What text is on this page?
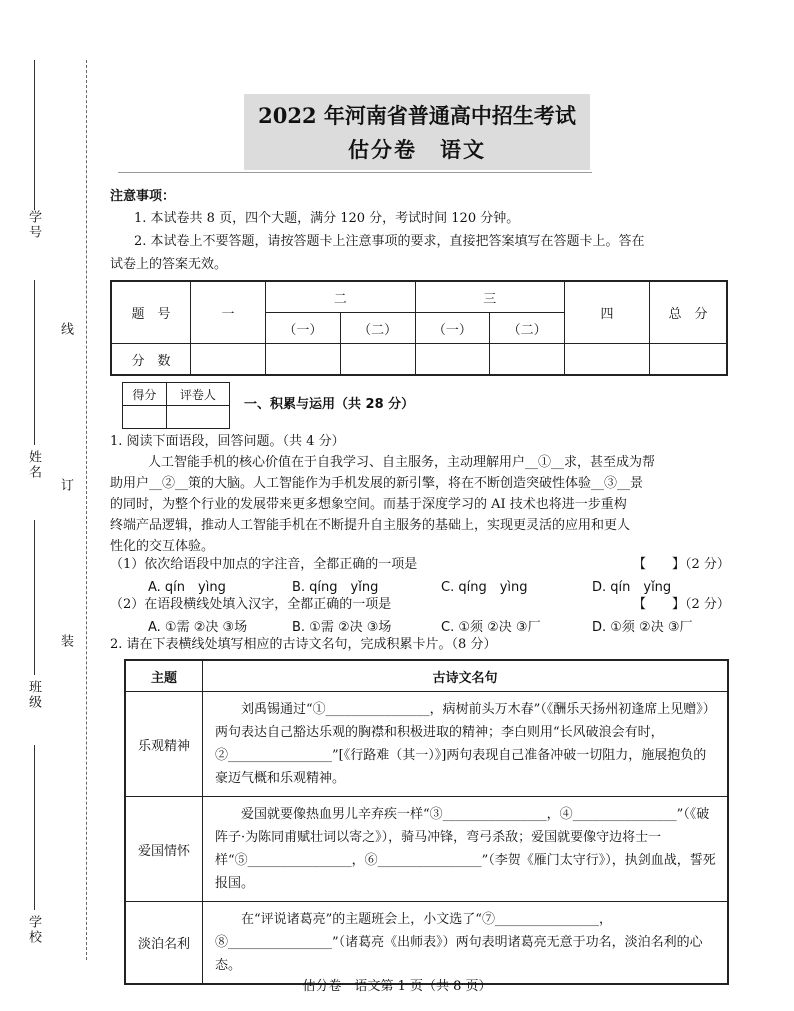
学号
姓名
班级
学校
线
订
装
2022 年河南省普通高中招生考试
估分卷　语文
注意事项：
1. 本试卷共 8 页，四个大题，满分 120 分，考试时间 120 分钟。
2. 本试卷上不要答题，请按答题卡上注意事项的要求，直接把答案填写在答题卡上。答在
试卷上的答案无效。
题　号	一	二		三		四	总　分
		（一）	（二）	（一）	（二）		
分　数							
得分	评卷人

一、积累与运用（共 28 分）
1. 阅读下面语段，回答问题。（共 4 分）
人工智能手机的核心价值在于自我学习、自主服务，主动理解用户__①__求，甚至成为帮
助用户__②__策的大脑。人工智能作为手机发展的新引擎，将在不断创造突破性体验__③__景
的同时，为整个行业的发展带来更多想象空间。而基于深度学习的 AI 技术也将进一步重构
终端产品逻辑，推动人工智能手机在不断提升自主服务的基础上，实现更灵活的应用和更人
性化的交互体验。
（1）依次给语段中加点的字注音，全都正确的一项是	【　　】（2 分）
A. qín　yìng	B. qíng　yǐng	C. qíng　yìng	D. qín　yǐng
（2）在语段横线处填入汉字，全都正确的一项是	【　　】（2 分）
A. ①需 ②决 ③场	B. ①需 ②决 ③场	C. ①须 ②决 ③厂	D. ①须 ②决 ③厂
2. 请在下表横线处填写相应的古诗文名句，完成积累卡片。（8 分）
主题	古诗文名句
乐观精神	刘禹锡通过“①________________，病树前头万木春”（《酬乐天扬州初逢席上见赠》）两句表达自己豁达乐观的胸襟和积极进取的精神；李白则用“长风破浪会有时，②________________”[《行路难（其一）》]两句表现自己准备冲破一切阻力，施展抱负的豪迈气概和乐观精神。
爱国情怀	爱国就要像热血男儿辛弃疾一样“③________________，④________________”（《破阵子·为陈同甫赋壮词以寄之》），骑马冲锋，弯弓杀敌；爱国就要像守边将士一样“⑤________________，⑥________________”（李贺《雁门太守行》），执剑血战，誓死报国。
淡泊名利	在“评说诸葛亮”的主题班会上，小文选了“⑦________________，⑧________________”（诸葛亮《出师表》）两句表明诸葛亮无意于功名，淡泊名利的心态。
估分卷　语文第 1 页（共 8 页）
